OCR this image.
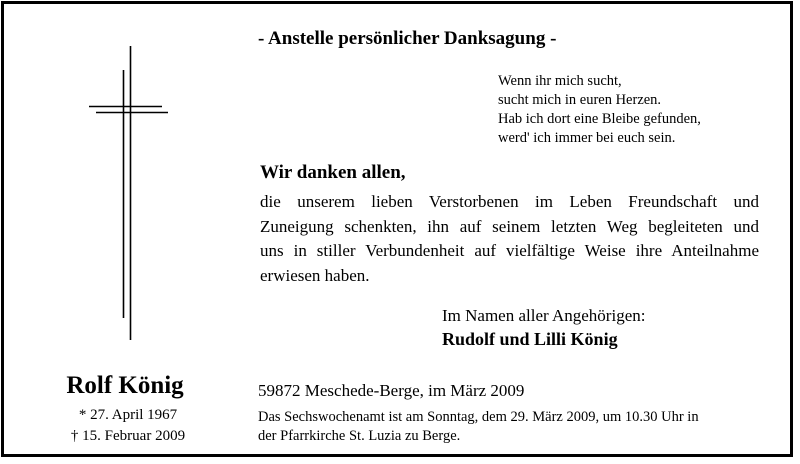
- Anstelle persönlicher Danksagung -
Wenn ihr mich sucht,
sucht mich in euren Herzen.
Hab ich dort eine Bleibe gefunden,
werd' ich immer bei euch sein.
Wir danken allen,
die unserem lieben Verstorbenen im Leben Freundschaft und
Zuneigung schenkten, ihn auf seinem letzten Weg begleiteten und
uns in stiller Verbundenheit auf vielfältige Weise ihre Anteilnahme
erwiesen haben.
Im Namen aller Angehörigen:
Rudolf und Lilli König
Rolf König
* 27. April 1967
† 15. Februar 2009
59872 Meschede-Berge, im März 2009
Das Sechswochenamt ist am Sonntag, dem 29. März 2009, um 10.30 Uhr in
der Pfarrkirche St. Luzia zu Berge.
